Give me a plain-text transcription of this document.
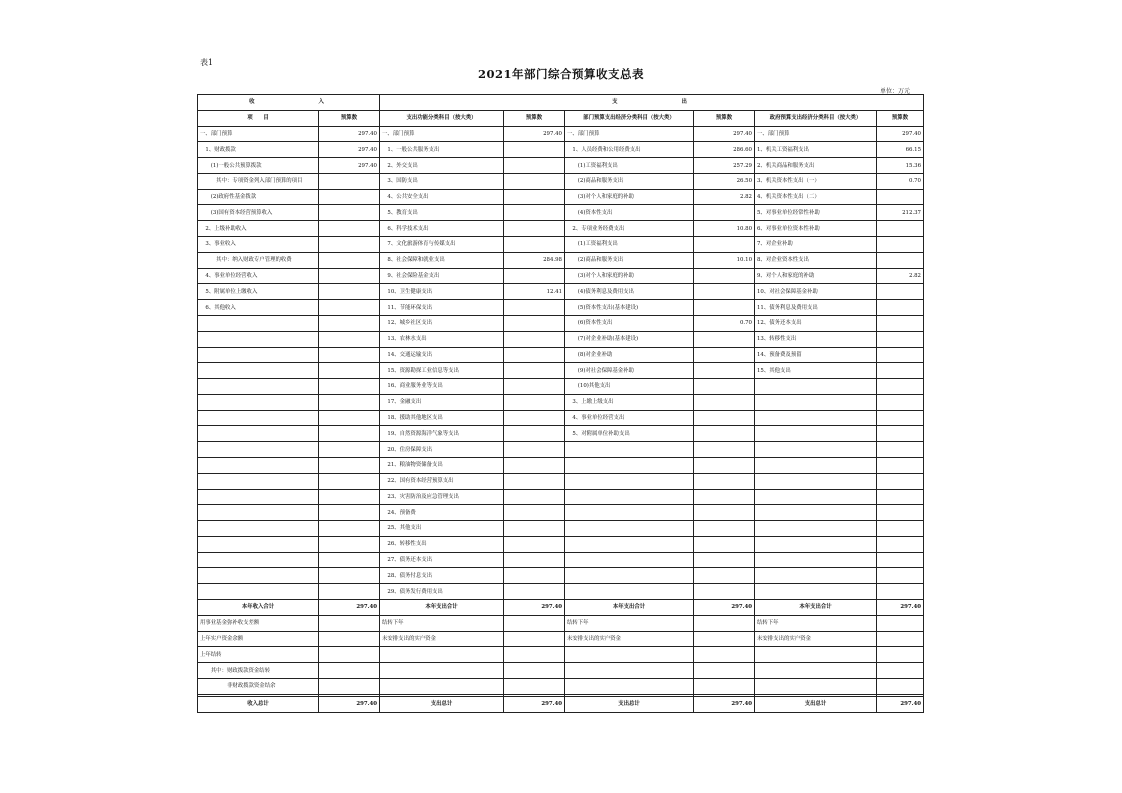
表1
2021年部门综合预算收支总表
单位：万元
收 入		支 出					
项　　目	预算数	支出功能分类科目（按大类）	预算数	部门预算支出经济分类科目（按大类）	预算数	政府预算支出经济分类科目（按大类）	预算数
一、部门预算	297.40	一、部门预算	297.40	一、部门预算	297.40	一、部门预算	297.40
　1、财政拨款	297.40	　1、一般公共服务支出		　1、人员经费和公用经费支出	286.60	1、机关工资福利支出	66.15
　　(1)一般公共预算拨款	297.40	　2、外交支出		　　(1)工资福利支出	257.29	2、机关商品和服务支出	15.36
　　　其中：专项资金列入部门预算的项目		　3、国防支出		　　(2)商品和服务支出	26.50	3、机关资本性支出（一）	0.70
　　(2)政府性基金拨款		　4、公共安全支出		　　(3)对个人和家庭的补助	2.82	4、机关资本性支出（二）	
　　(3)国有资本经营预算收入		　5、教育支出		　　(4)资本性支出		5、对事业单位经常性补助	212.37
　2、上级补助收入		　6、科学技术支出		　2、专项业务经费支出	10.80	6、对事业单位资本性补助	
　3、事业收入		　7、文化旅游体育与传媒支出		　　(1)工资福利支出		7、对企业补助	
　　　其中：纳入财政专户管理的收费		　8、社会保障和就业支出	284.98	　　(2)商品和服务支出	10.10	8、对企业资本性支出	
　4、事业单位经营收入		　9、社会保险基金支出		　　(3)对个人和家庭的补助		9、对个人和家庭的补助	2.82
　5、附属单位上缴收入		　10、卫生健康支出	12.41	　　(4)债务利息及费用支出		10、对社会保障基金补助	
　6、其他收入		　11、节能环保支出		　　(5)资本性支出(基本建设)		11、债务利息及费用支出	
		　12、城乡社区支出		　　(6)资本性支出	0.70	12、债务还本支出	
		　13、农林水支出		　　(7)对企业补助(基本建设)		13、转移性支出	
		　14、交通运输支出		　　(8)对企业补助		14、预备费及预留	
		　15、资源勘探工业信息等支出		　　(9)对社会保障基金补助		15、其他支出	
		　16、商业服务业等支出		　　(10)其他支出			
		　17、金融支出		　3、上缴上级支出			
		　18、援助其他地区支出		　4、事业单位经营支出			
		　19、自然资源海洋气象等支出		　5、对附属单位补助支出			
		　20、住房保障支出					
		　21、粮油物资储备支出					
		　22、国有资本经营预算支出					
		　23、灾害防治及应急管理支出					
		　24、预备费					
		　25、其他支出					
		　26、转移性支出					
		　27、债务还本支出					
		　28、债务付息支出					
		　29、债务发行费用支出					
本年收入合计	297.40	本年支出合计	297.40	本年支出合计	297.40	本年支出合计	297.40
用事业基金弥补收支差额		结转下年		结转下年		结转下年	
上年实户资金余额		未安排支出的实户资金		未安排支出的实户资金		未安排支出的实户资金	
上年结转							
　　其中：财政拨款资金结转							
　　　　　非财政拨款资金结余							

收入总计	297.40	支出总计	297.40	支出总计	297.40	支出总计	297.40
